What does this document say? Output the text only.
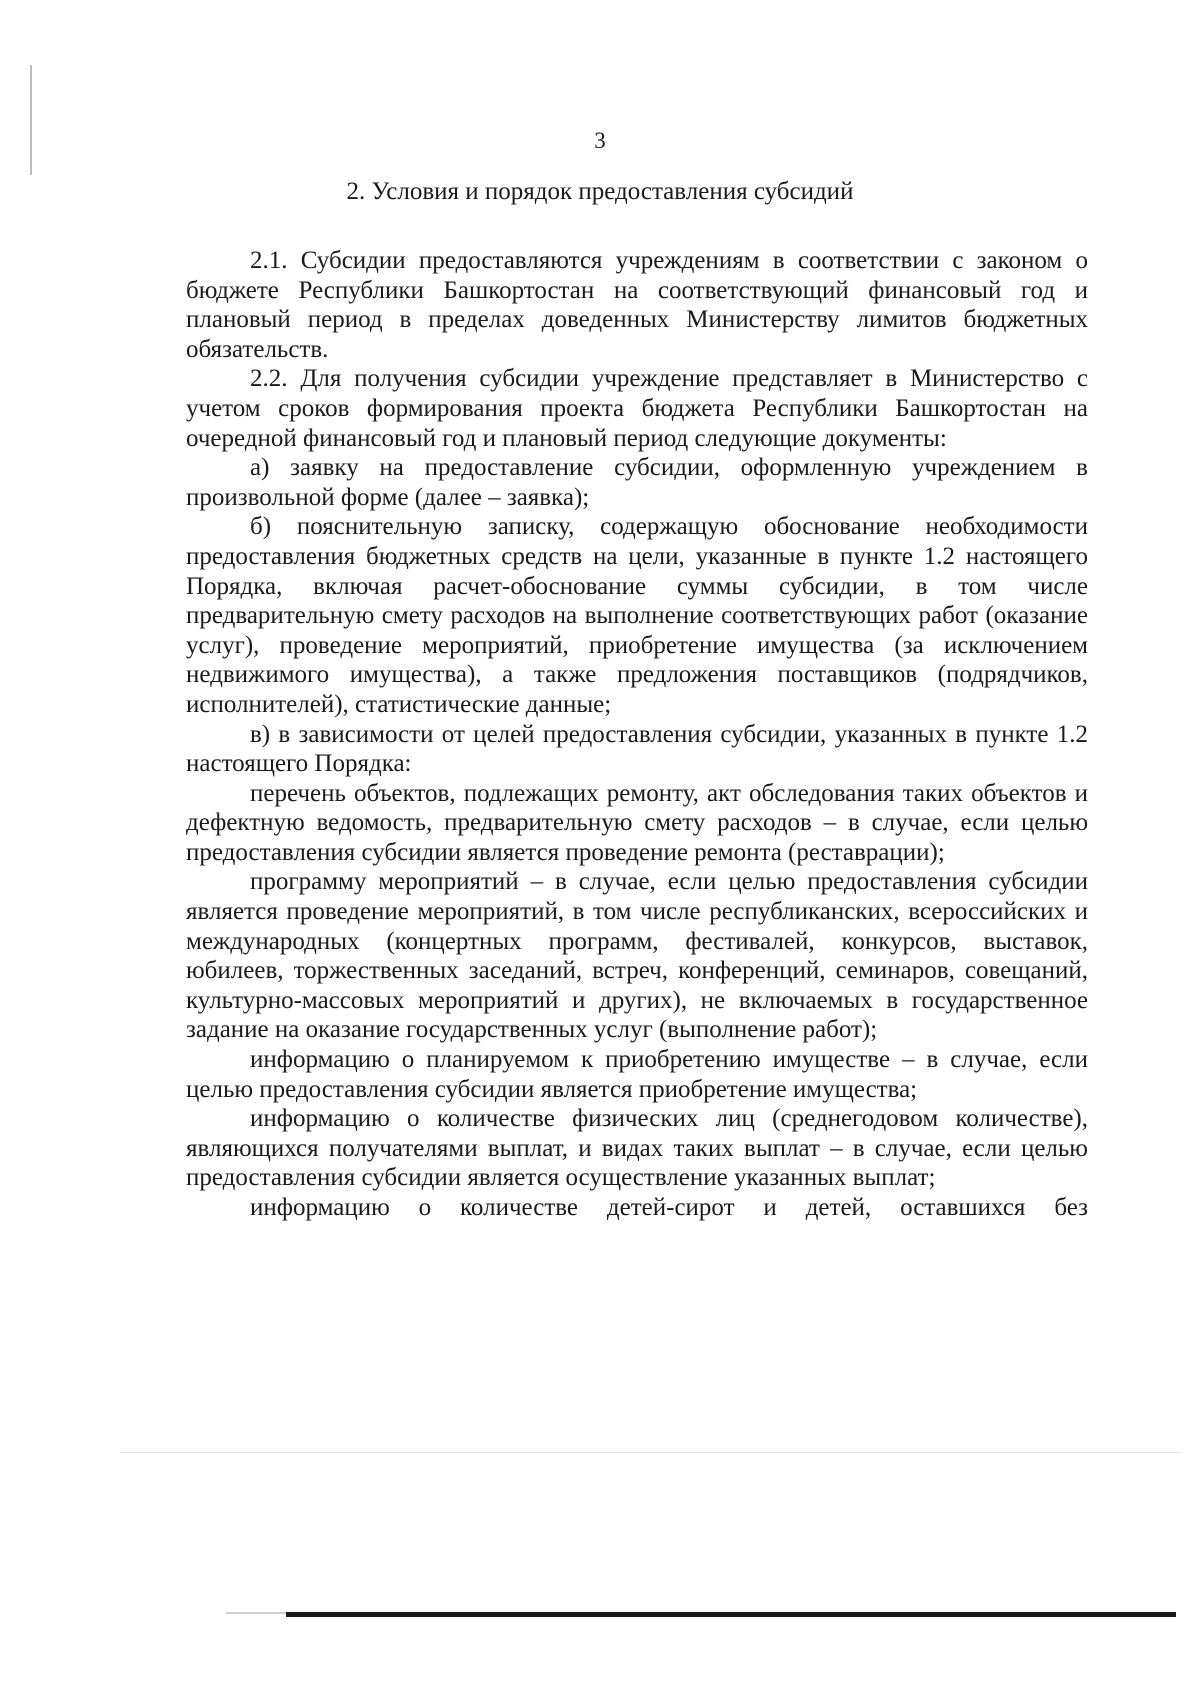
3
2. Условия и порядок предоставления субсидий

2.1. Субсидии предоставляются учреждениям в соответствии с законом о бюджете Республики Башкортостан на соответствующий финансовый год и плановый период в пределах доведенных Министерству лимитов бюджетных обязательств.

2.2. Для получения субсидии учреждение представляет в Министерство с учетом сроков формирования проекта бюджета Республики Башкортостан на очередной финансовый год и плановый период следующие документы:

а) заявку на предоставление субсидии, оформленную учреждением в произвольной форме (далее – заявка);

б) пояснительную записку, содержащую обоснование необходимости предоставления бюджетных средств на цели, указанные в пункте 1.2 настоящего Порядка, включая расчет-обоснование суммы субсидии, в том числе предварительную смету расходов на выполнение соответствующих работ (оказание услуг), проведение мероприятий, приобретение имущества (за исключением недвижимого имущества), а также предложения поставщиков (подрядчиков, исполнителей), статистические данные;

в) в зависимости от целей предоставления субсидии, указанных в пункте 1.2 настоящего Порядка:

перечень объектов, подлежащих ремонту, акт обследования таких объектов и дефектную ведомость, предварительную смету расходов – в случае, если целью предоставления субсидии является проведение ремонта (реставрации);

программу мероприятий – в случае, если целью предоставления субсидии является проведение мероприятий, в том числе республиканских, всероссийских и международных (концертных программ, фестивалей, конкурсов, выставок, юбилеев, торжественных заседаний, встреч, конференций, семинаров, совещаний, культурно-массовых мероприятий и других), не включаемых в государственное задание на оказание государственных услуг (выполнение работ);

информацию о планируемом к приобретению имуществе – в случае, если целью предоставления субсидии является приобретение имущества;

информацию о количестве физических лиц (среднегодовом количестве), являющихся получателями выплат, и видах таких выплат – в случае, если целью предоставления субсидии является осуществление указанных выплат;

информацию о количестве детей-сирот и детей, оставшихся без
